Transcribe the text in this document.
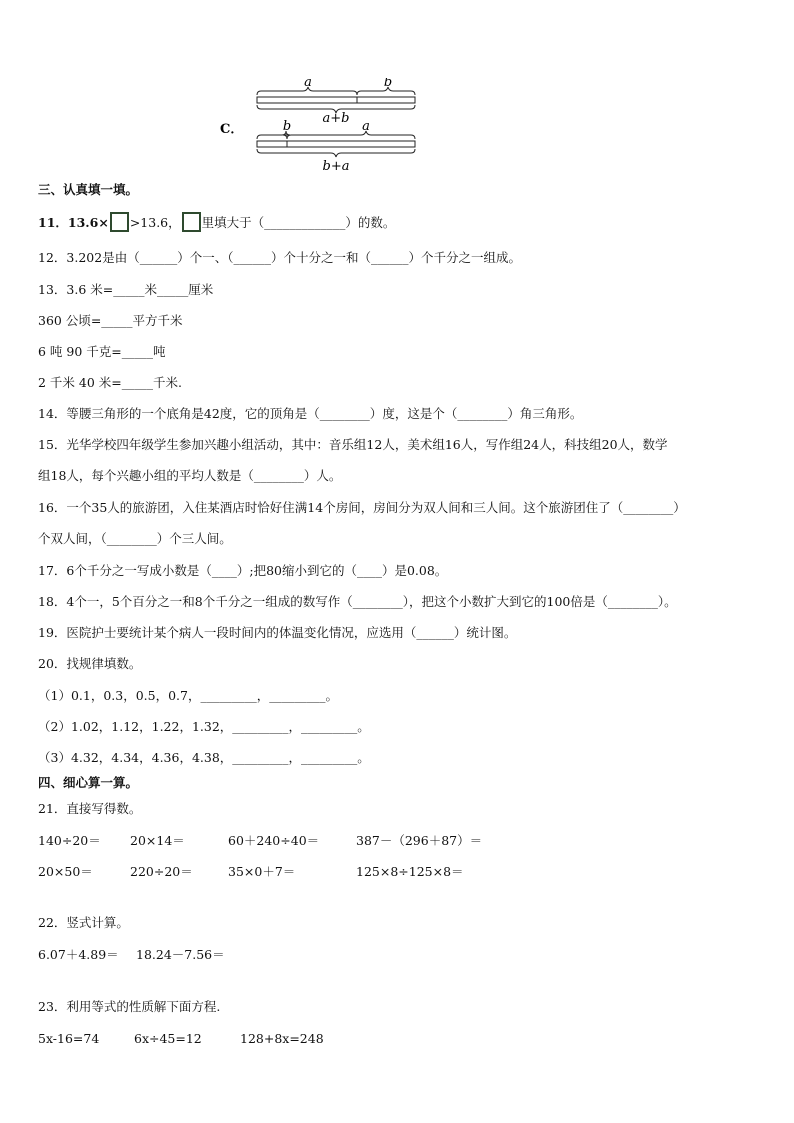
a	b
a+b
C．	b	a
b+a
三、认真填一填。
11．13.6× >13.6， 里填大于（_____________）的数。
12．3.202是由（______）个一、（______）个十分之一和（______）个千分之一组成。
13．3.6 米=_____米_____厘米
360 公顷=_____平方千米
6 吨 90 千克=_____吨
2 千米 40 米=_____千米.
14．等腰三角形的一个底角是42度，它的顶角是（________）度，这是个（________）角三角形。
15．光华学校四年级学生参加兴趣小组活动，其中：音乐组12人，美术组16人，写作组24人，科技组20人，数学
组18人，每个兴趣小组的平均人数是（________）人。
16．一个35人的旅游团，入住某酒店时恰好住满14个房间，房间分为双人间和三人间。这个旅游团住了（________）
个双人间，（________）个三人间。
17．6个千分之一写成小数是（____）;把80缩小到它的（____）是0.08。
18．4个一，5个百分之一和8个千分之一组成的数写作（________），把这个小数扩大到它的100倍是（________）。
19．医院护士要统计某个病人一段时间内的体温变化情况，应选用（______）统计图。
20．找规律填数。
（1）0.1，0.3，0.5，0.7，_________，_________。
（2）1.02，1.12，1.22，1.32，_________，_________。
（3）4.32，4.34，4.36，4.38，_________，_________。
四、细心算一算。
21．直接写得数。
140÷20＝ 20×14＝	60＋240÷40＝	387－（296＋87）＝
20×50＝	220÷20＝	35×0＋7＝	125×8÷125×8＝
22．竖式计算。
6.07＋4.89＝ 18.24－7.56＝
23．利用等式的性质解下面方程.
5x-16=74	6x÷45=12	128+8x=248
